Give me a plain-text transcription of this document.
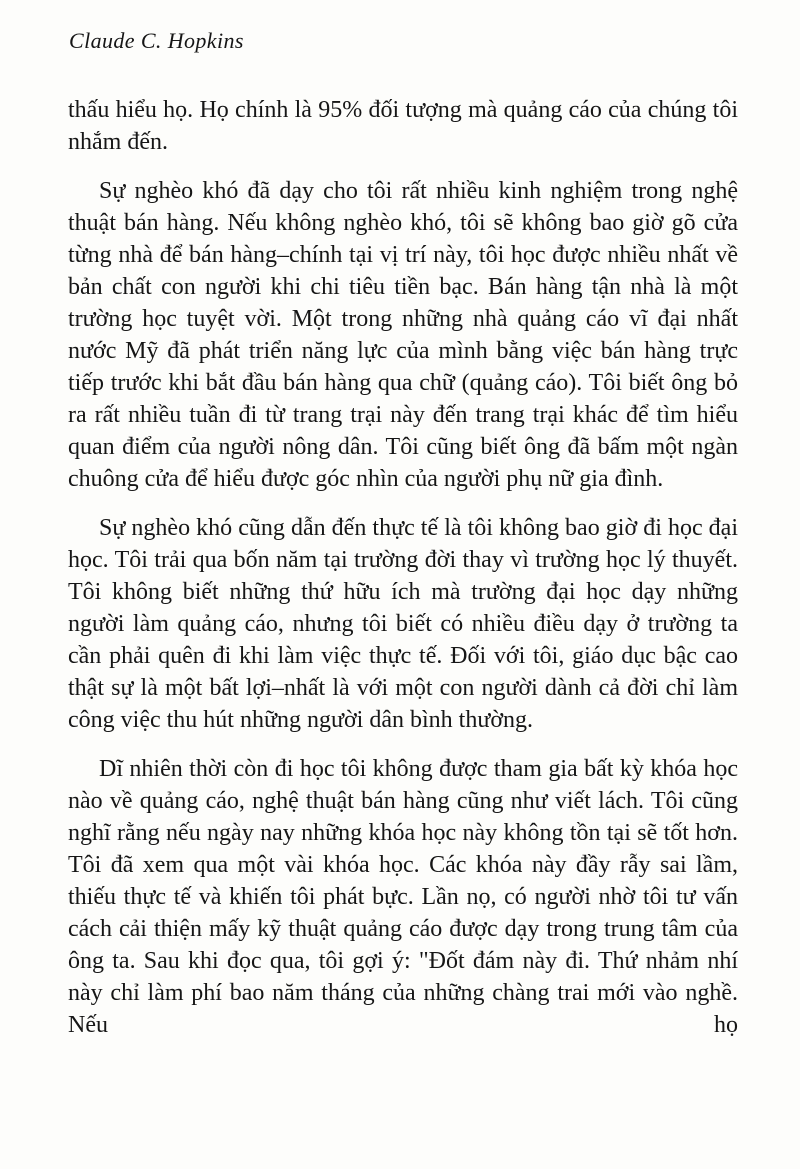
Claude C. Hopkins

thấu hiểu họ. Họ chính là 95% đối tượng mà quảng cáo của chúng tôi nhắm đến.

Sự nghèo khó đã dạy cho tôi rất nhiều kinh nghiệm trong nghệ thuật bán hàng. Nếu không nghèo khó, tôi sẽ không bao giờ gõ cửa từng nhà để bán hàng–chính tại vị trí này, tôi học được nhiều nhất về bản chất con người khi chi tiêu tiền bạc. Bán hàng tận nhà là một trường học tuyệt vời. Một trong những nhà quảng cáo vĩ đại nhất nước Mỹ đã phát triển năng lực của mình bằng việc bán hàng trực tiếp trước khi bắt đầu bán hàng qua chữ (quảng cáo). Tôi biết ông bỏ ra rất nhiều tuần đi từ trang trại này đến trang trại khác để tìm hiểu quan điểm của người nông dân. Tôi cũng biết ông đã bấm một ngàn chuông cửa để hiểu được góc nhìn của người phụ nữ gia đình.

Sự nghèo khó cũng dẫn đến thực tế là tôi không bao giờ đi học đại học. Tôi trải qua bốn năm tại trường đời thay vì trường học lý thuyết. Tôi không biết những thứ hữu ích mà trường đại học dạy những người làm quảng cáo, nhưng tôi biết có nhiều điều dạy ở trường ta cần phải quên đi khi làm việc thực tế. Đối với tôi, giáo dục bậc cao thật sự là một bất lợi–nhất là với một con người dành cả đời chỉ làm công việc thu hút những người dân bình thường.

Dĩ nhiên thời còn đi học tôi không được tham gia bất kỳ khóa học nào về quảng cáo, nghệ thuật bán hàng cũng như viết lách. Tôi cũng nghĩ rằng nếu ngày nay những khóa học này không tồn tại sẽ tốt hơn. Tôi đã xem qua một vài khóa học. Các khóa này đầy rẫy sai lầm, thiếu thực tế và khiến tôi phát bực. Lần nọ, có người nhờ tôi tư vấn cách cải thiện mấy kỹ thuật quảng cáo được dạy trong trung tâm của ông ta. Sau khi đọc qua, tôi gợi ý: "Đốt đám này đi. Thứ nhảm nhí này chỉ làm phí bao năm tháng của những chàng trai mới vào nghề. Nếu họ
